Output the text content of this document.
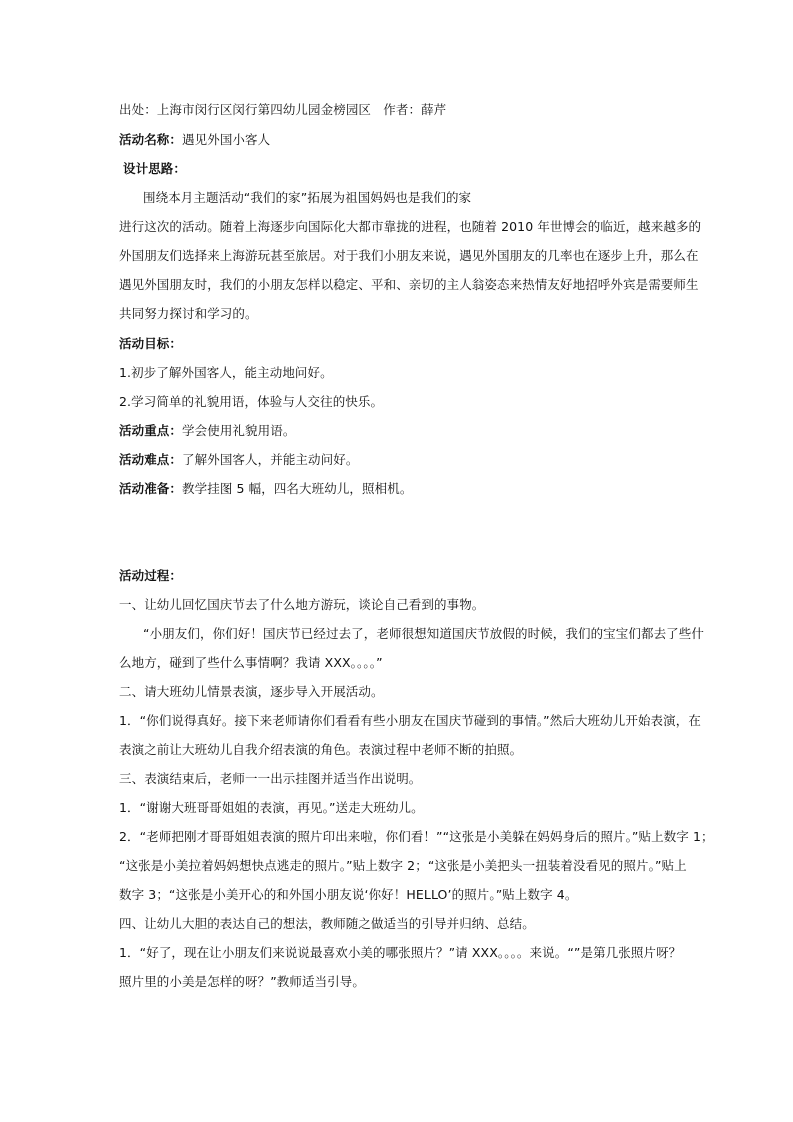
出处：上海市闵行区闵行第四幼儿园金榜园区 作者：薛芹
活动名称：遇见外国小客人
设计思路：
围绕本月主题活动“我们的家”拓展为祖国妈妈也是我们的家
进行这次的活动。随着上海逐步向国际化大都市靠拢的进程，也随着 2010 年世博会的临近，越来越多的
外国朋友们选择来上海游玩甚至旅居。对于我们小朋友来说，遇见外国朋友的几率也在逐步上升，那么在
遇见外国朋友时，我们的小朋友怎样以稳定、平和、亲切的主人翁姿态来热情友好地招呼外宾是需要师生
共同努力探讨和学习的。
活动目标：
1.初步了解外国客人，能主动地问好。
2.学习简单的礼貌用语，体验与人交往的快乐。
活动重点：学会使用礼貌用语。
活动难点：了解外国客人，并能主动问好。
活动准备：教学挂图 5 幅，四名大班幼儿，照相机。
活动过程：
一、让幼儿回忆国庆节去了什么地方游玩，谈论自己看到的事物。
“小朋友们，你们好！国庆节已经过去了，老师很想知道国庆节放假的时候，我们的宝宝们都去了些什
么地方，碰到了些什么事情啊？我请 XXX。。。。”
二、请大班幼儿情景表演，逐步导入开展活动。
1．“你们说得真好。接下来老师请你们看看有些小朋友在国庆节碰到的事情。”然后大班幼儿开始表演，在
表演之前让大班幼儿自我介绍表演的角色。表演过程中老师不断的拍照。
三、表演结束后，老师一一出示挂图并适当作出说明。
1．“谢谢大班哥哥姐姐的表演，再见。”送走大班幼儿。
2．“老师把刚才哥哥姐姐表演的照片印出来啦，你们看！”“这张是小美躲在妈妈身后的照片。”贴上数字 1；
“这张是小美拉着妈妈想快点逃走的照片。”贴上数字 2；“这张是小美把头一扭装着没看见的照片。”贴上
数字 3；“这张是小美开心的和外国小朋友说‘你好！HELLO’的照片。”贴上数字 4。
四、让幼儿大胆的表达自己的想法，教师随之做适当的引导并归纳、总结。
1．“好了，现在让小朋友们来说说最喜欢小美的哪张照片？”请 XXX。。。。来说。“”是第几张照片呀？
照片里的小美是怎样的呀？”教师适当引导。
